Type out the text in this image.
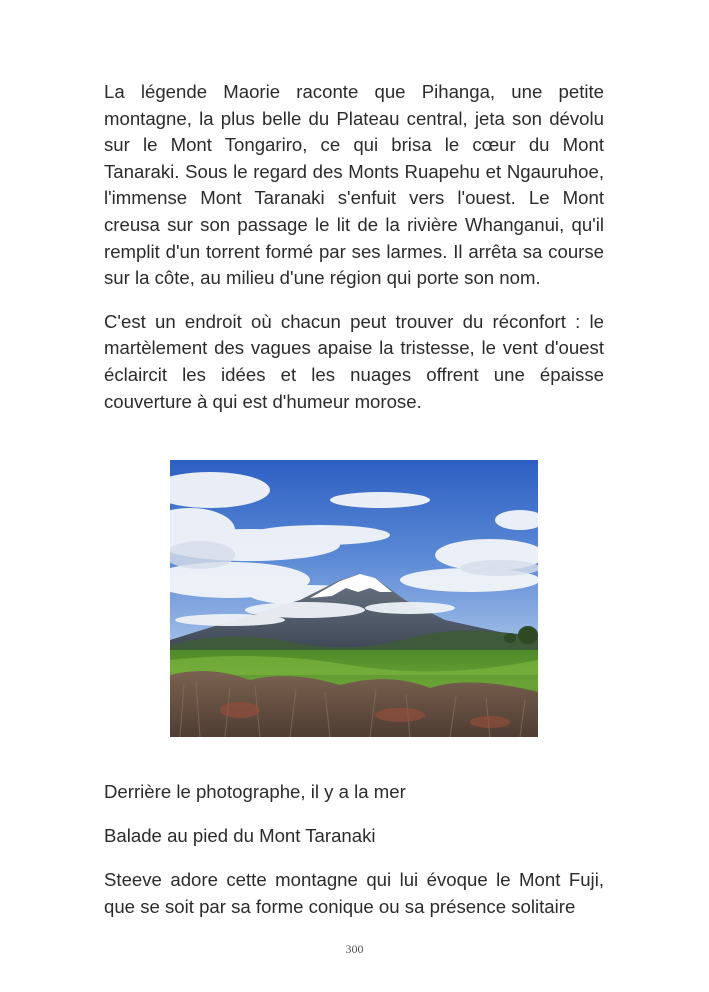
La légende Maorie raconte que Pihanga, une petite montagne, la plus belle du Plateau central, jeta son dévolu sur le Mont Tongariro, ce qui brisa le cœur du Mont Tanaraki. Sous le regard des Monts Ruapehu et Ngauruhoe, l'immense Mont Taranaki s'enfuit vers l'ouest. Le Mont creusa sur son passage le lit de la rivière Whanganui, qu'il remplit d'un torrent formé par ses larmes. Il arrêta sa course sur la côte, au milieu d'une région qui porte son nom.

C'est un endroit où chacun peut trouver du réconfort : le martèlement des vagues apaise la tristesse, le vent d'ouest éclaircit les idées et les nuages offrent une épaisse couverture à qui est d'humeur morose.

Derrière le photographe, il y a la mer

Balade au pied du Mont Taranaki

Steeve adore cette montagne qui lui évoque le Mont Fuji, que se soit par sa forme conique ou sa présence solitaire

300
